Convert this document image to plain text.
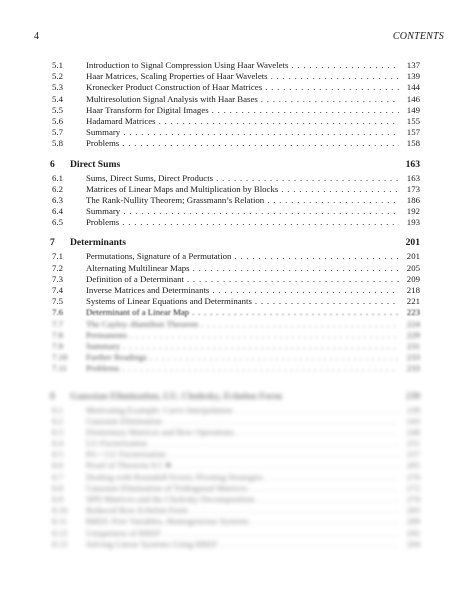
4	CONTENTS
5.1	Introduction to Signal Compression Using Haar Wavelets . . .	137
5.2	Haar Matrices, Scaling Properties of Haar Wavelets . . .	139
5.3	Kronecker Product Construction of Haar Matrices . . .	144
5.4	Multiresolution Signal Analysis with Haar Bases . . .	146
5.5	Haar Transform for Digital Images . . .	149
5.6	Hadamard Matrices . . .	155
5.7	Summary . . .	157
5.8	Problems . . .	158
6	Direct Sums	163
6.1	Sums, Direct Sums, Direct Products . . .	163
6.2	Matrices of Linear Maps and Multiplication by Blocks . . .	173
6.3	The Rank-Nullity Theorem; Grassmann’s Relation . . .	186
6.4	Summary . . .	192
6.5	Problems . . .	193
7	Determinants	201
7.1	Permutations, Signature of a Permutation . . .	201
7.2	Alternating Multilinear Maps . . .	205
7.3	Definition of a Determinant . . .	209
7.4	Inverse Matrices and Determinants . . .	218
7.5	Systems of Linear Equations and Determinants . . .	221
7.6	Determinant of a Linear Map . . .	223
7.7	The Cayley–Hamilton Theorem . . .	224
7.8	Permanents . . .	229
7.9	Summary . . .	231
7.10	Further Readings . . .	233
7.11	Problems . . .	233
8	Gaussian Elimination, LU, Cholesky, Echelon Form	239
8.1	Motivating Example: Curve Interpolation . . .	239
8.2	Gaussian Elimination . . .	243
8.3	Elementary Matrices and Row Operations . . .	248
8.4	LU-Factorization . . .	251
8.5	PA = LU Factorization . . .	257
8.6	Proof of Theorem 8.5 ★ . . .	265
8.7	Dealing with Roundoff Errors; Pivoting Strategies . . .	270
8.8	Gaussian Elimination of Tridiagonal Matrices . . .	272
8.9	SPD Matrices and the Cholesky Decomposition . . .	274
8.10	Reduced Row Echelon Form . . .	283
8.11	RREF, Free Variables, Homogeneous Systems . . .	289
8.12	Uniqueness of RREF . . .	292
8.13	Solving Linear Systems Using RREF . . .	294
